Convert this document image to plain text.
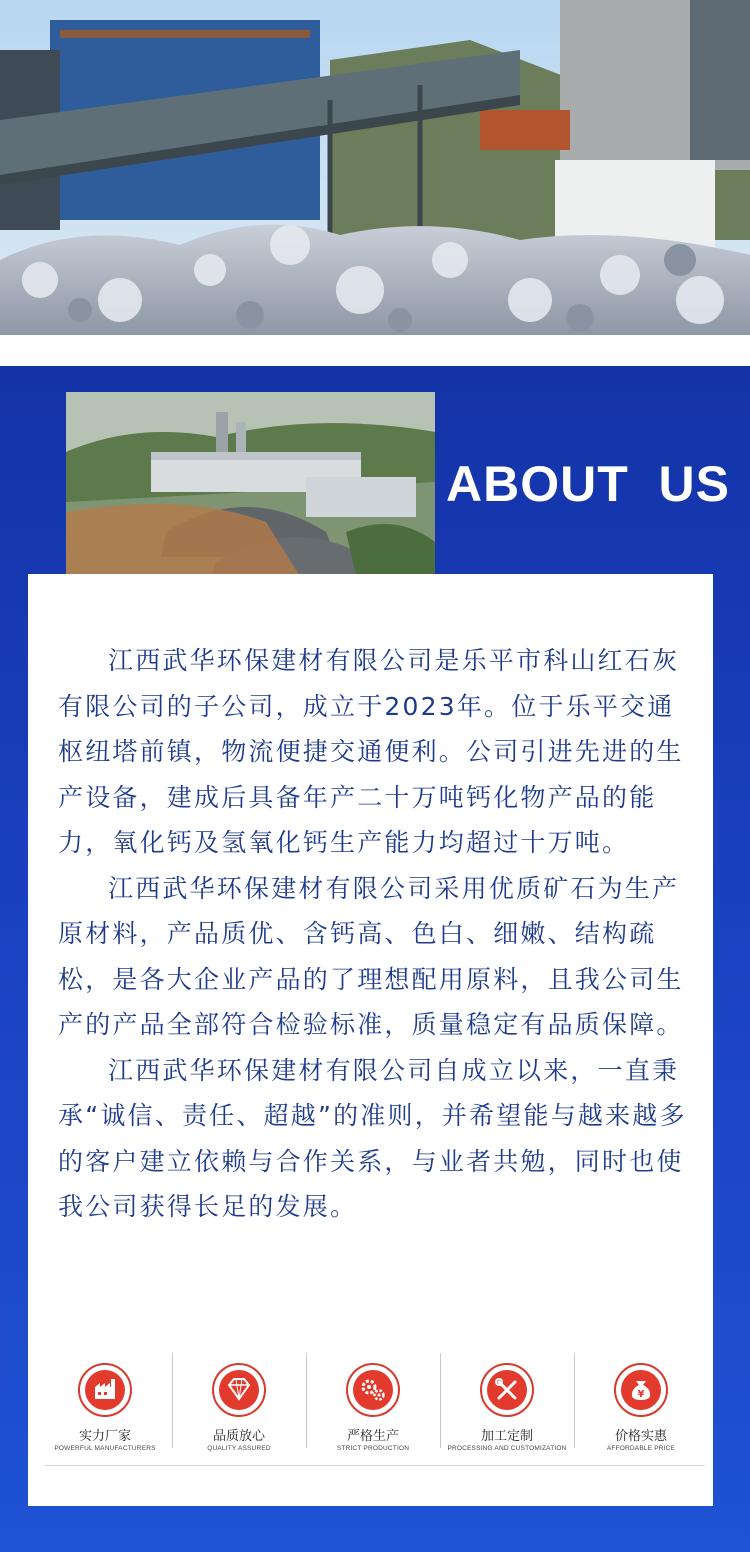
ABOUT  US

江西武华环保建材有限公司是乐平市科山红石灰有限公司的子公司，成立于2023年。位于乐平交通枢纽塔前镇，物流便捷交通便利。公司引进先进的生产设备，建成后具备年产二十万吨钙化物产品的能力，氧化钙及氢氧化钙生产能力均超过十万吨。

江西武华环保建材有限公司采用优质矿石为生产原材料，产品质优、含钙高、色白、细嫩、结构疏松，是各大企业产品的了理想配用原料，且我公司生产的产品全部符合检验标准，质量稳定有品质保障。

江西武华环保建材有限公司自成立以来，一直秉承“诚信、责任、超越”的准则，并希望能与越来越多的客户建立依赖与合作关系，与业者共勉，同时也使我公司获得长足的发展。

实力厂家
POWERFUL MANUFACTURERS
品质放心
QUALITY ASSURED
严格生产
STRICT PRODUCTION
加工定制
PROCESSING AND CUSTOMIZATION
¥
价格实惠
AFFORDABLE PRICE
